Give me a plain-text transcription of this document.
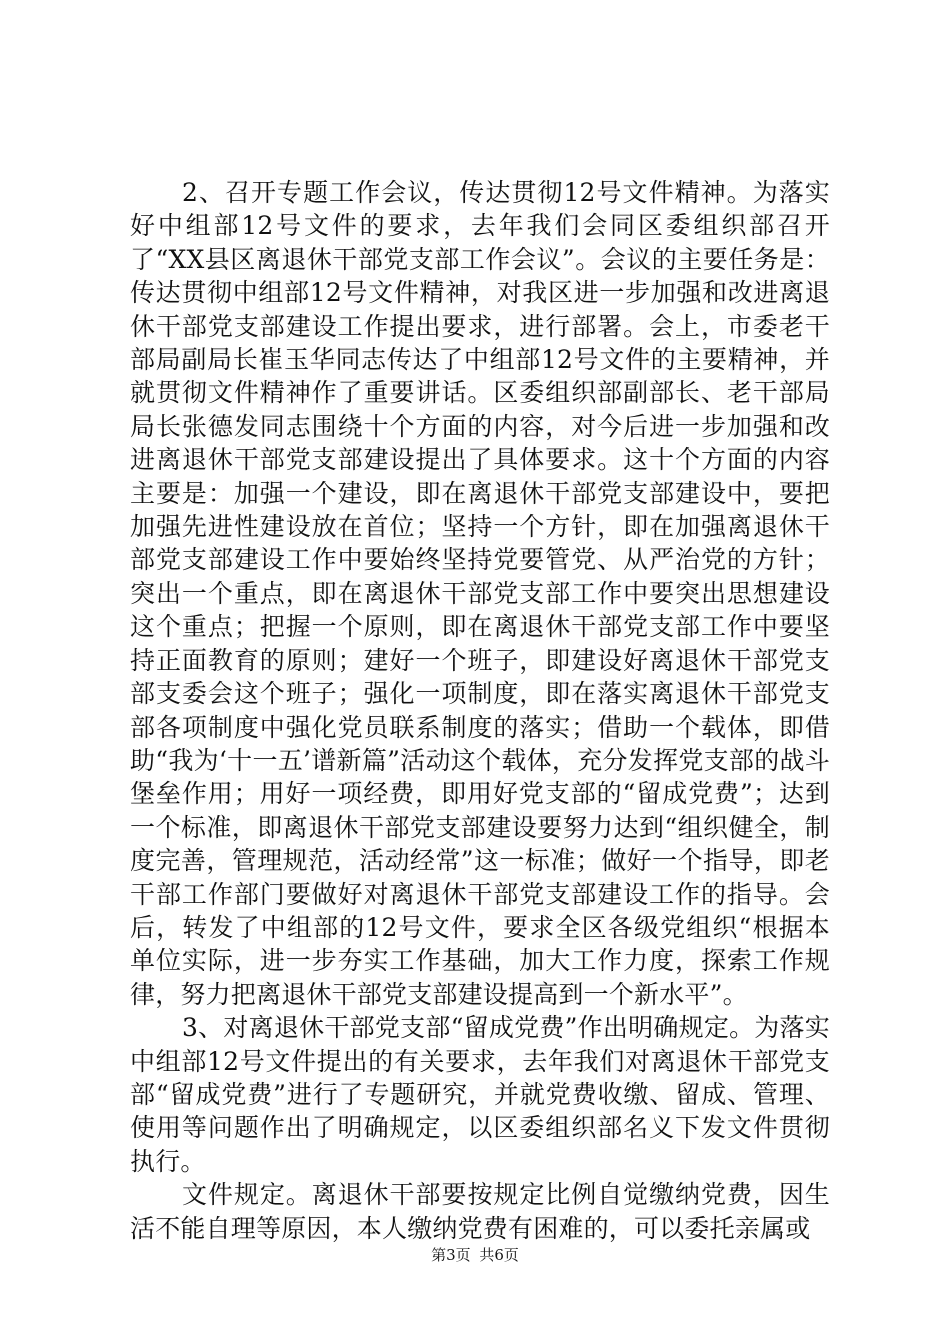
2、召开专题工作会议，传达贯彻12号文件精神。为落实好中组部12号文件的要求，去年我们会同区委组织部召开了“XX县区离退休干部党支部工作会议”。会议的主要任务是：传达贯彻中组部12号文件精神，对我区进一步加强和改进离退休干部党支部建设工作提出要求，进行部署。会上，市委老干部局副局长崔玉华同志传达了中组部12号文件的主要精神，并就贯彻文件精神作了重要讲话。区委组织部副部长、老干部局局长张德发同志围绕十个方面的内容，对今后进一步加强和改进离退休干部党支部建设提出了具体要求。这十个方面的内容主要是：加强一个建设，即在离退休干部党支部建设中，要把加强先进性建设放在首位；坚持一个方针，即在加强离退休干部党支部建设工作中要始终坚持党要管党、从严治党的方针；突出一个重点，即在离退休干部党支部工作中要突出思想建设这个重点；把握一个原则，即在离退休干部党支部工作中要坚持正面教育的原则；建好一个班子，即建设好离退休干部党支部支委会这个班子；强化一项制度，即在落实离退休干部党支部各项制度中强化党员联系制度的落实；借助一个载体，即借助“我为‘十一五’谱新篇”活动这个载体，充分发挥党支部的战斗堡垒作用；用好一项经费，即用好党支部的“留成党费”；达到一个标准，即离退休干部党支部建设要努力达到“组织健全，制度完善，管理规范，活动经常”这一标准；做好一个指导，即老干部工作部门要做好对离退休干部党支部建设工作的指导。会后，转发了中组部的12号文件，要求全区各级党组织“根据本单位实际，进一步夯实工作基础，加大工作力度，探索工作规律，努力把离退休干部党支部建设提高到一个新水平”。

3、对离退休干部党支部“留成党费”作出明确规定。为落实中组部12号文件提出的有关要求，去年我们对离退休干部党支部“留成党费”进行了专题研究，并就党费收缴、留成、管理、使用等问题作出了明确规定，以区委组织部名义下发文件贯彻执行。

文件规定。离退休干部要按规定比例自觉缴纳党费，因生活不能自理等原因，本人缴纳党费有困难的，可以委托亲属或

第3页 共6页
